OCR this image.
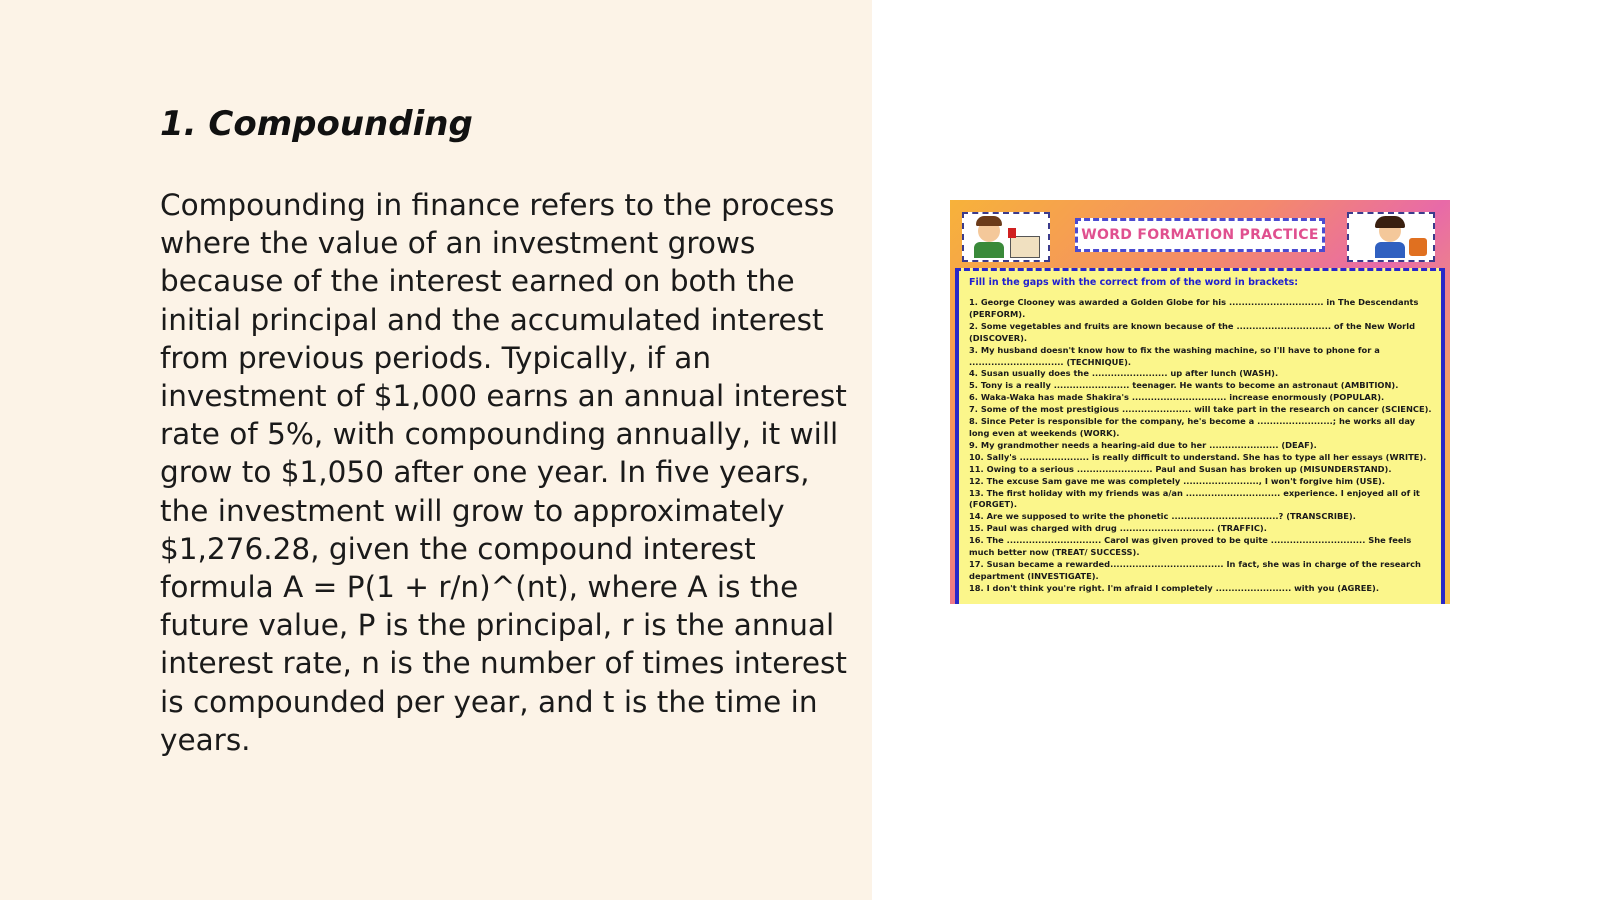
1. Compounding

Compounding in finance refers to the process where the value of an investment grows because of the interest earned on both the initial principal and the accumulated interest from previous periods. Typically, if an investment of $1,000 earns an annual interest rate of 5%, with compounding annually, it will grow to $1,050 after one year. In five years, the investment will grow to approximately $1,276.28, given the compound interest formula A = P(1 + r/n)^(nt), where A is the future value, P is the principal, r is the annual interest rate, n is the number of times interest is compounded per year, and t is the time in years.

WORD FORMATION PRACTICE

Fill in the gaps with the correct from of the word in brackets:

1. George Clooney was awarded a Golden Globe for his .............................. in The Descendants (PERFORM).
2. Some vegetables and fruits are known because of the .............................. of the New World (DISCOVER).
3. My husband doesn't know how to fix the washing machine, so I'll have to phone for a .............................. (TECHNIQUE).
4. Susan usually does the ........................ up after lunch (WASH).
5. Tony is a really ........................ teenager. He wants to become an astronaut (AMBITION).
6. Waka-Waka has made Shakira's .............................. increase enormously (POPULAR).
7. Some of the most prestigious ...................... will take part in the research on cancer (SCIENCE).
8. Since Peter is responsible for the company, he's become a ........................; he works all day long even at weekends (WORK).
9. My grandmother needs a hearing-aid due to her ...................... (DEAF).
10. Sally's ...................... is really difficult to understand. She has to type all her essays (WRITE).
11. Owing to a serious ........................ Paul and Susan has broken up (MISUNDERSTAND).
12. The excuse Sam gave me was completely ........................, I won't forgive him (USE).
13. The first holiday with my friends was a/an .............................. experience. I enjoyed all of it (FORGET).
14. Are we supposed to write the phonetic ..................................? (TRANSCRIBE).
15. Paul was charged with drug .............................. (TRAFFIC).
16. The .............................. Carol was given proved to be quite .............................. She feels much better now (TREAT/ SUCCESS).
17. Susan became a rewarded.................................... In fact, she was in charge of the research department (INVESTIGATE).
18. I don't think you're right. I'm afraid I completely ........................ with you (AGREE).
